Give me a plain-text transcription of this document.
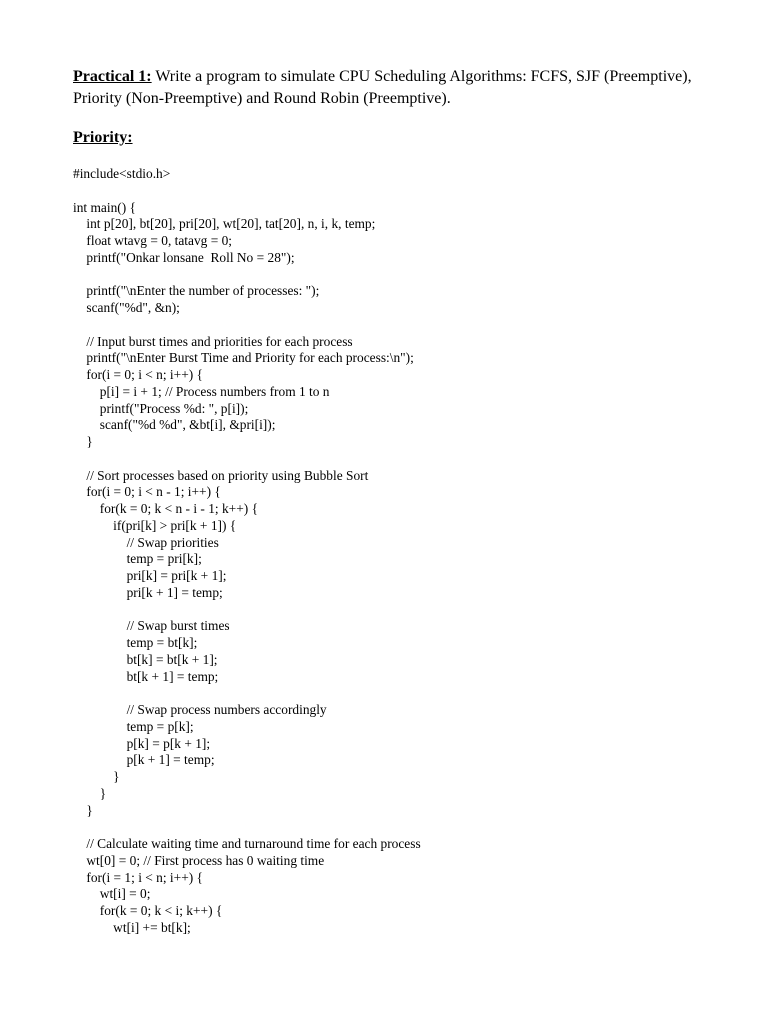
Practical 1: Write a program to simulate CPU Scheduling Algorithms: FCFS, SJF (Preemptive), Priority (Non-Preemptive) and Round Robin (Preemptive).
Priority:
#include<stdio.h>
int main() {
int p[20], bt[20], pri[20], wt[20], tat[20], n, i, k, temp;
float wtavg = 0, tatavg = 0;
printf("Onkar lonsane  Roll No = 28");
printf("\nEnter the number of processes: ");
scanf("%d", &n);
// Input burst times and priorities for each process
printf("\nEnter Burst Time and Priority for each process:\n");
for(i = 0; i < n; i++) {
p[i] = i + 1; // Process numbers from 1 to n
printf("Process %d: ", p[i]);
scanf("%d %d", &bt[i], &pri[i]);
}
// Sort processes based on priority using Bubble Sort
for(i = 0; i < n - 1; i++) {
for(k = 0; k < n - i - 1; k++) {
if(pri[k] > pri[k + 1]) {
// Swap priorities
temp = pri[k];
pri[k] = pri[k + 1];
pri[k + 1] = temp;
// Swap burst times
temp = bt[k];
bt[k] = bt[k + 1];
bt[k + 1] = temp;
// Swap process numbers accordingly
temp = p[k];
p[k] = p[k + 1];
p[k + 1] = temp;
}
}
}
// Calculate waiting time and turnaround time for each process
wt[0] = 0; // First process has 0 waiting time
for(i = 1; i < n; i++) {
wt[i] = 0;
for(k = 0; k < i; k++) {
wt[i] += bt[k];
